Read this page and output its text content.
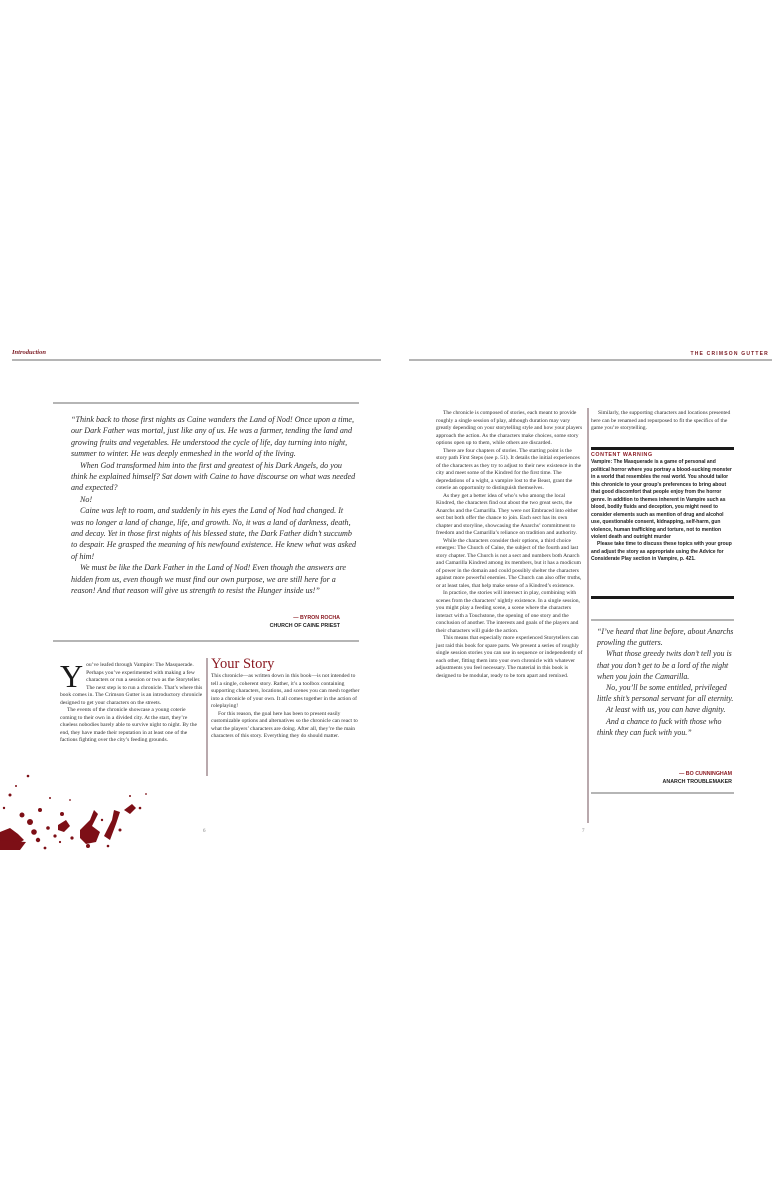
Introduction

“Think back to those first nights as Caine wanders the Land of Nod! Once upon a time, our Dark Father was mortal, just like any of us. He was a farmer, tending the land and growing fruits and vegetables. He understood the cycle of life, day turning into night, summer to winter. He was deeply enmeshed in the world of the living.

When God transformed him into the first and greatest of his Dark Angels, do you think he explained himself? Sat down with Caine to have discourse on what was needed and expected?

No!

Caine was left to roam, and suddenly in his eyes the Land of Nod had changed. It was no longer a land of change, life, and growth. No, it was a land of darkness, death, and decay. Yet in those first nights of his blessed state, the Dark Father didn’t succumb to despair. He grasped the meaning of his newfound existence. He knew what was asked of him!

We must be like the Dark Father in the Land of Nod! Even though the answers are hidden from us, even though we must find our own purpose, we are still here for a reason! And that reason will give us strength to resist the Hunger inside us!”

— BYRON ROCHA
CHURCH OF CAINE PRIEST
Y ou’ve leafed through Vampire: The Masquerade. Perhaps you’ve experimented with making a few characters or run a session or two as the Storyteller. The next step is to run a chronicle. That’s where this book comes in. The Crimson Gutter is an introductory chronicle designed to get your characters on the streets.

The events of the chronicle showcase a young coterie coming to their own in a divided city. At the start, they’re clueless nobodies barely able to survive night to night. By the end, they have made their reputation in at least one of the factions fighting over the city’s feeding grounds.

Your Story

This chronicle—as written down in this book—is not intended to tell a single, coherent story. Rather, it’s a toolbox containing supporting characters, locations, and scenes you can mesh together into a chronicle of your own. It all comes together in the action of roleplaying!

For this reason, the goal here has been to present easily customizable options and alternatives so the chronicle can react to what the players’ characters are doing. After all, they’re the main characters of this story. Everything they do should matter.

6
THE CRIMSON GUTTER

The chronicle is composed of stories, each meant to provide roughly a single session of play, although duration may vary greatly depending on your storytelling style and how your players approach the action. As the characters make choices, some story options open up to them, while others are discarded.

There are four chapters of stories. The starting point is the story path First Steps (see p. 51). It details the initial experiences of the characters as they try to adjust to their new existence in the city and meet some of the Kindred for the first time. The depredations of a wight, a vampire lost to the Beast, grant the coterie an opportunity to distinguish themselves.

As they get a better idea of who’s who among the local Kindred, the characters find out about the two great sects, the Anarchs and the Camarilla. They were not Embraced into either sect but both offer the chance to join. Each sect has its own chapter and storyline, showcasing the Anarchs’ commitment to freedom and the Camarilla’s reliance on tradition and authority.

While the characters consider their options, a third choice emerges: The Church of Caine, the subject of the fourth and last story chapter. The Church is not a sect and numbers both Anarch and Camarilla Kindred among its members, but it has a modicum of power in the domain and could possibly shelter the characters against more powerful enemies. The Church can also offer truths, or at least tales, that help make sense of a Kindred’s existence.

In practice, the stories will intersect in play, combining with scenes from the characters’ nightly existence. In a single session, you might play a feeding scene, a scene where the characters interact with a Touchstone, the opening of one story and the conclusion of another. The interests and goals of the players and their characters will guide the action.

This means that especially more experienced Storytellers can just raid this book for spare parts. We present a series of roughly single session stories you can use in sequence or independently of each other, fitting them into your own chronicle with whatever adjustments you feel necessary. The material in this book is designed to be modular, ready to be torn apart and remixed.

Similarly, the supporting characters and locations presented here can be renamed and repurposed to fit the specifics of the game you’re storytelling.

CONTENT WARNING

Vampire: The Masquerade is a game of personal and political horror where you portray a blood-sucking monster in a world that resembles the real world. You should tailor this chronicle to your group’s preferences to bring about that good discomfort that people enjoy from the horror genre. In addition to themes inherent in Vampire such as blood, bodily fluids and deception, you might need to consider elements such as mention of drug and alcohol use, questionable consent, kidnapping, self-harm, gun violence, human trafficking and torture, not to mention violent death and outright murder

Please take time to discuss these topics with your group and adjust the story as appropriate using the Advice for Considerate Play section in Vampire, p. 421.

“I’ve heard that line before, about Anarchs prowling the gutters.

What those greedy twits don’t tell you is that you don’t get to be a lord of the night when you join the Camarilla.

No, you’ll be some entitled, privileged little shit’s personal servant for all eternity.

At least with us, you can have dignity.

And a chance to fuck with those who think they can fuck with you.”

— BO CUNNINGHAM
ANARCH TROUBLEMAKER
7
